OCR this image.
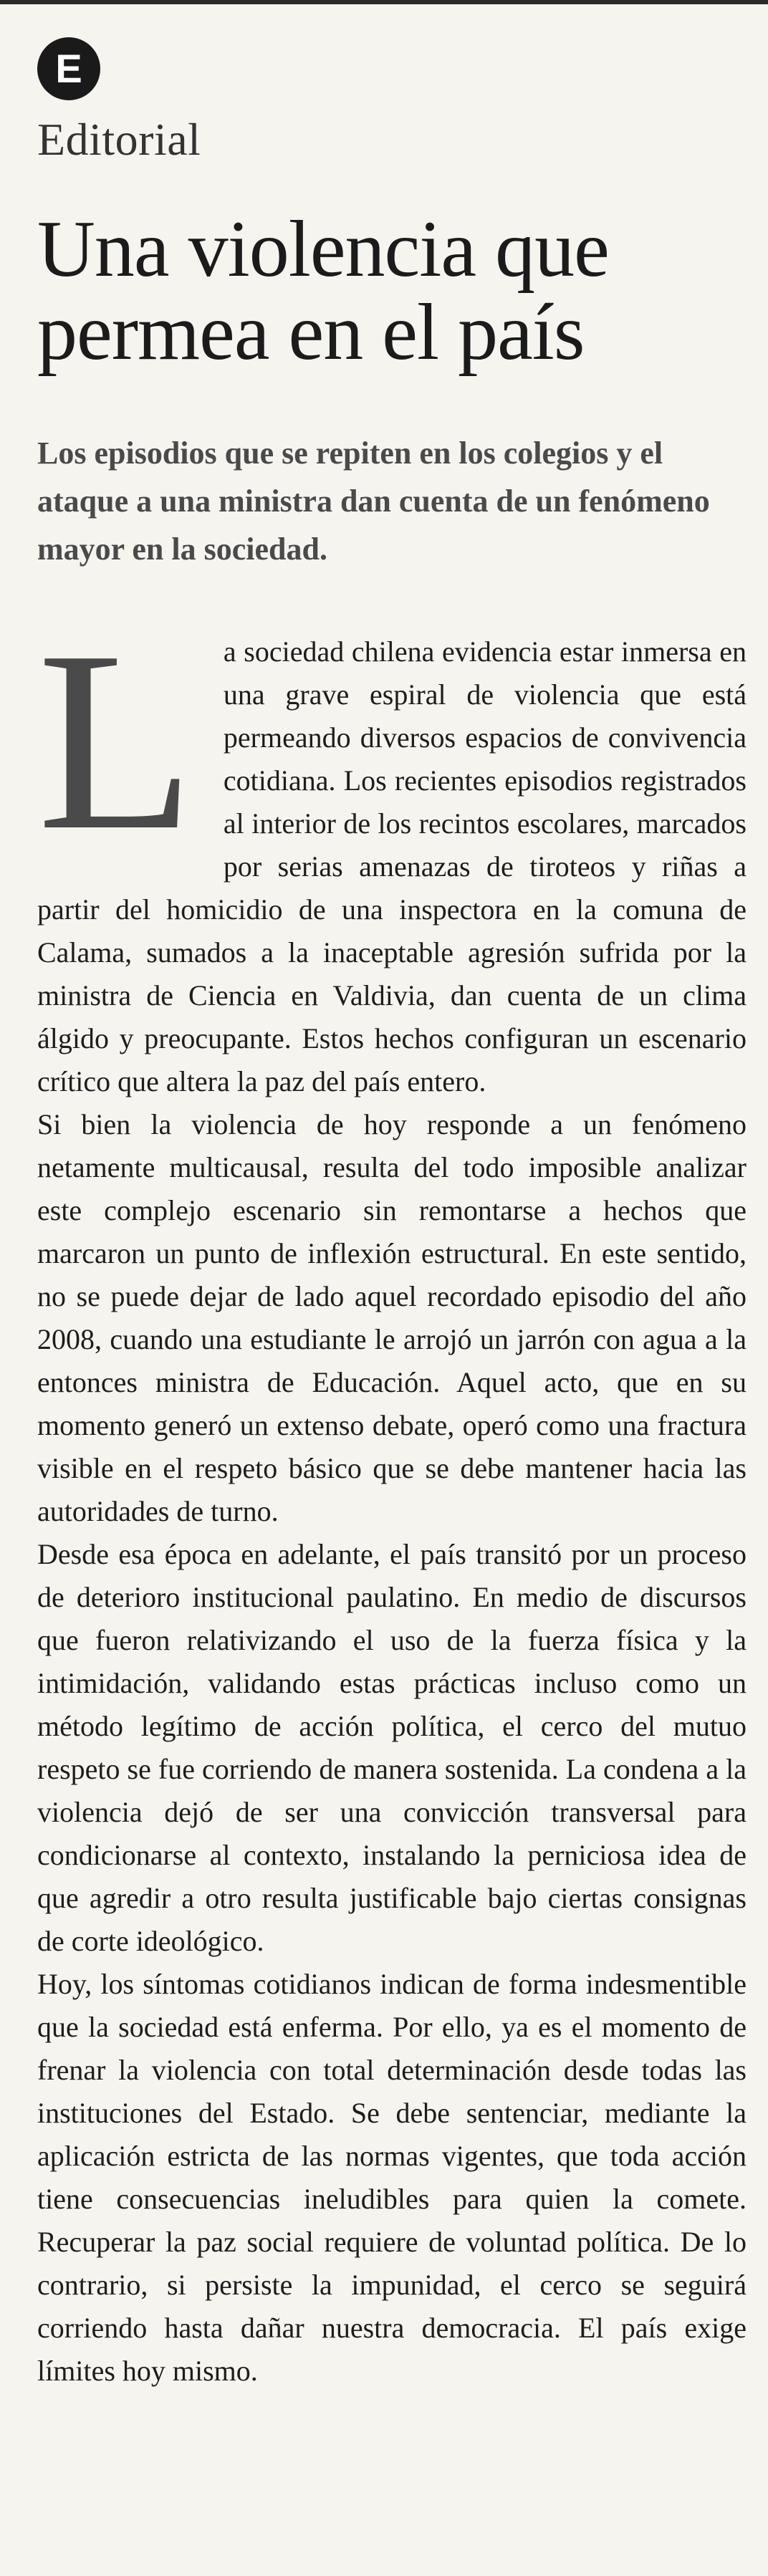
E
Editorial
Una violencia que permea en el país

Los episodios que se repiten en los colegios y el ataque a una ministra dan cuenta de un fenómeno mayor en la sociedad.

L a sociedad chilena evidencia estar inmersa en una grave espiral de violencia que está permeando diversos espacios de convivencia cotidiana. Los recientes episodios registrados al interior de los recintos escolares, marcados por serias amenazas de tiroteos y riñas a partir del homicidio de una inspectora en la comuna de Calama, sumados a la inaceptable agresión sufrida por la ministra de Ciencia en Valdivia, dan cuenta de un clima álgido y preocupante. Estos hechos configuran un escenario crítico que altera la paz del país entero.

Si bien la violencia de hoy responde a un fenómeno netamente multicausal, resulta del todo imposible analizar este complejo escenario sin remontarse a hechos que marcaron un punto de inflexión estructural. En este sentido, no se puede dejar de lado aquel recordado episodio del año 2008, cuando una estudiante le arrojó un jarrón con agua a la entonces ministra de Educación. Aquel acto, que en su momento generó un extenso debate, operó como una fractura visible en el respeto básico que se debe mantener hacia las autoridades de turno.

Desde esa época en adelante, el país transitó por un proceso de deterioro institucional paulatino. En medio de discursos que fueron relativizando el uso de la fuerza física y la intimidación, validando estas prácticas incluso como un método legítimo de acción política, el cerco del mutuo respeto se fue corriendo de manera sostenida. La condena a la violencia dejó de ser una convicción transversal para condicionarse al contexto, instalando la perniciosa idea de que agredir a otro resulta justificable bajo ciertas consignas de corte ideológico.

Hoy, los síntomas cotidianos indican de forma indesmentible que la sociedad está enferma. Por ello, ya es el momento de frenar la violencia con total determinación desde todas las instituciones del Estado. Se debe sentenciar, mediante la aplicación estricta de las normas vigentes, que toda acción tiene consecuencias ineludibles para quien la comete. Recuperar la paz social requiere de voluntad política. De lo contrario, si persiste la impunidad, el cerco se seguirá corriendo hasta dañar nuestra democracia. El país exige límites hoy mismo.
